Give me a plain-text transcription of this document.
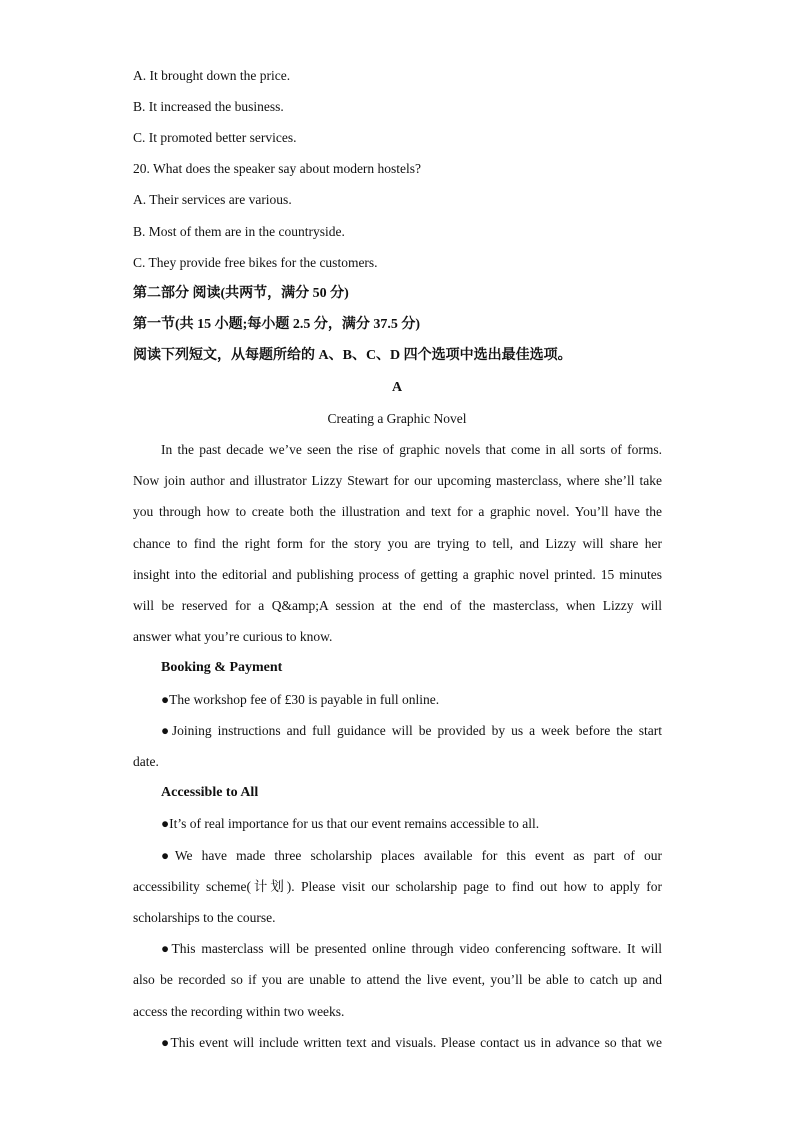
A. It brought down the price.
B. It increased the business.
C. It promoted better services.
20. What does the speaker say about modern hostels?
A. Their services are various.
B. Most of them are in the countryside.
C. They provide free bikes for the customers.
第二部分 阅读(共两节，满分 50 分)
第一节(共 15 小题;每小题 2.5 分，满分 37.5 分)
阅读下列短文，从每题所给的 A、B、C、D 四个选项中选出最佳选项。
A
Creating a Graphic Novel
In the past decade we’ve seen the rise of graphic novels that come in all sorts of forms.
Now join author and illustrator Lizzy Stewart for our upcoming masterclass, where she’ll take
you through how to create both the illustration and text for a graphic novel. You’ll have the
chance to find the right form for the story you are trying to tell, and Lizzy will share her
insight into the editorial and publishing process of getting a graphic novel printed. 15 minutes
will be reserved for a Q&amp;A session at the end of the masterclass, when Lizzy will
answer what you’re curious to know.
Booking & Payment
●The workshop fee of £30 is payable in full online.
●Joining instructions and full guidance will be provided by us a week before the start
date.
Accessible to All
●It’s of real importance for us that our event remains accessible to all.
●We have made three scholarship places available for this event as part of our
accessibility scheme(计划). Please visit our scholarship page to find out how to apply for
scholarships to the course.
●This masterclass will be presented online through video conferencing software. It will
also be recorded so if you are unable to attend the live event, you’ll be able to catch up and
access the recording within two weeks.
●This event will include written text and visuals. Please contact us in advance so that we
